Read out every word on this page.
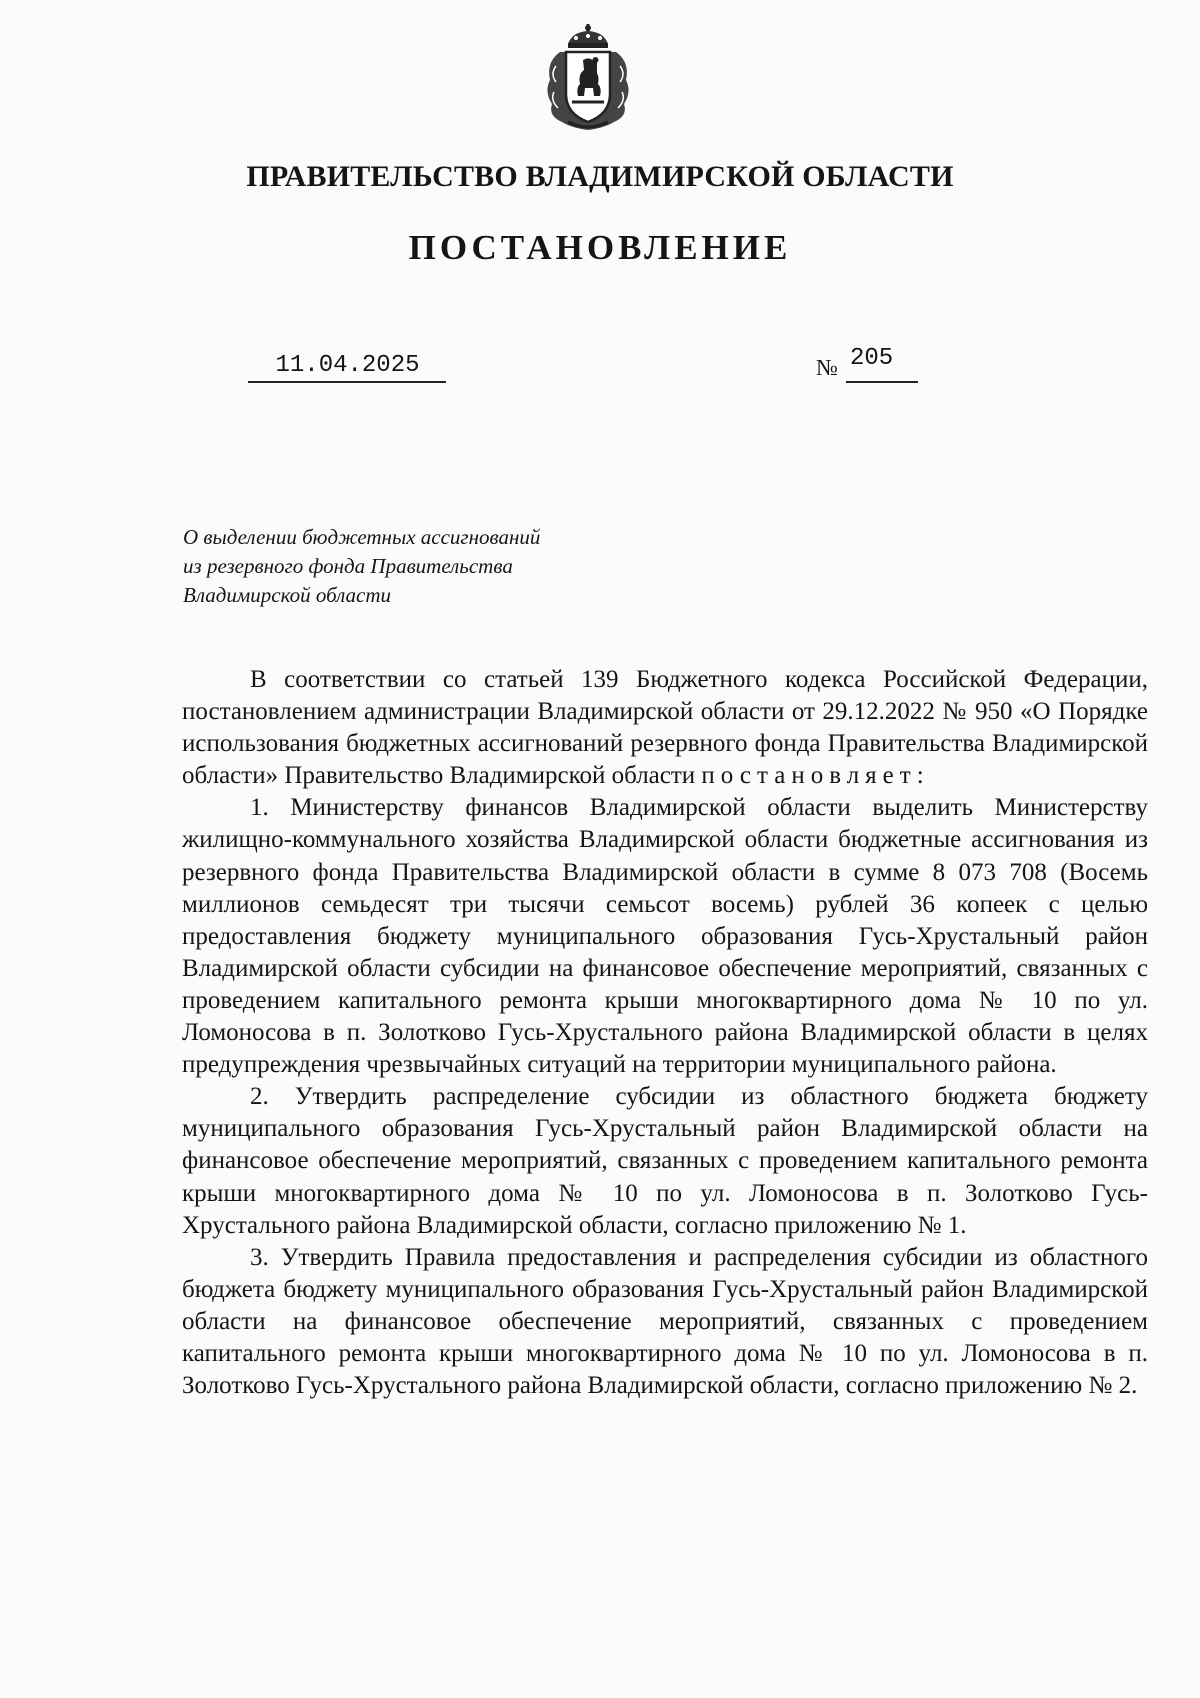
ПРАВИТЕЛЬСТВО ВЛАДИМИРСКОЙ ОБЛАСТИ
ПОСТАНОВЛЕНИЕ
11.04.2025	№ 205
О выделении бюджетных ассигнований
из резервного фонда Правительства
Владимирской области

В соответствии со статьей 139 Бюджетного кодекса Российской Федерации, постановлением администрации Владимирской области от 29.12.2022 № 950 «О Порядке использования бюджетных ассигнований резервного фонда Правительства Владимирской области» Правительство Владимирской области постановляет:

1. Министерству финансов Владимирской области выделить Министерству жилищно-коммунального хозяйства Владимирской области бюджетные ассигнования из резервного фонда Правительства Владимирской области в сумме 8 073 708 (Восемь миллионов семьдесят три тысячи семьсот восемь) рублей 36 копеек с целью предоставления бюджету муниципального образования Гусь-Хрустальный район Владимирской области субсидии на финансовое обеспечение мероприятий, связанных с проведением капитального ремонта крыши многоквартирного дома № 10 по ул. Ломоносова в п. Золотково Гусь-Хрустального района Владимирской области в целях предупреждения чрезвычайных ситуаций на территории муниципального района.

2. Утвердить распределение субсидии из областного бюджета бюджету муниципального образования Гусь-Хрустальный район Владимирской области на финансовое обеспечение мероприятий, связанных с проведением капитального ремонта крыши многоквартирного дома № 10 по ул. Ломоносова в п. Золотково Гусь-Хрустального района Владимирской области, согласно приложению № 1.

3. Утвердить Правила предоставления и распределения субсидии из областного бюджета бюджету муниципального образования Гусь-Хрустальный район Владимирской области на финансовое обеспечение мероприятий, связанных с проведением капитального ремонта крыши многоквартирного дома № 10 по ул. Ломоносова в п. Золотково Гусь-Хрустального района Владимирской области, согласно приложению № 2.
